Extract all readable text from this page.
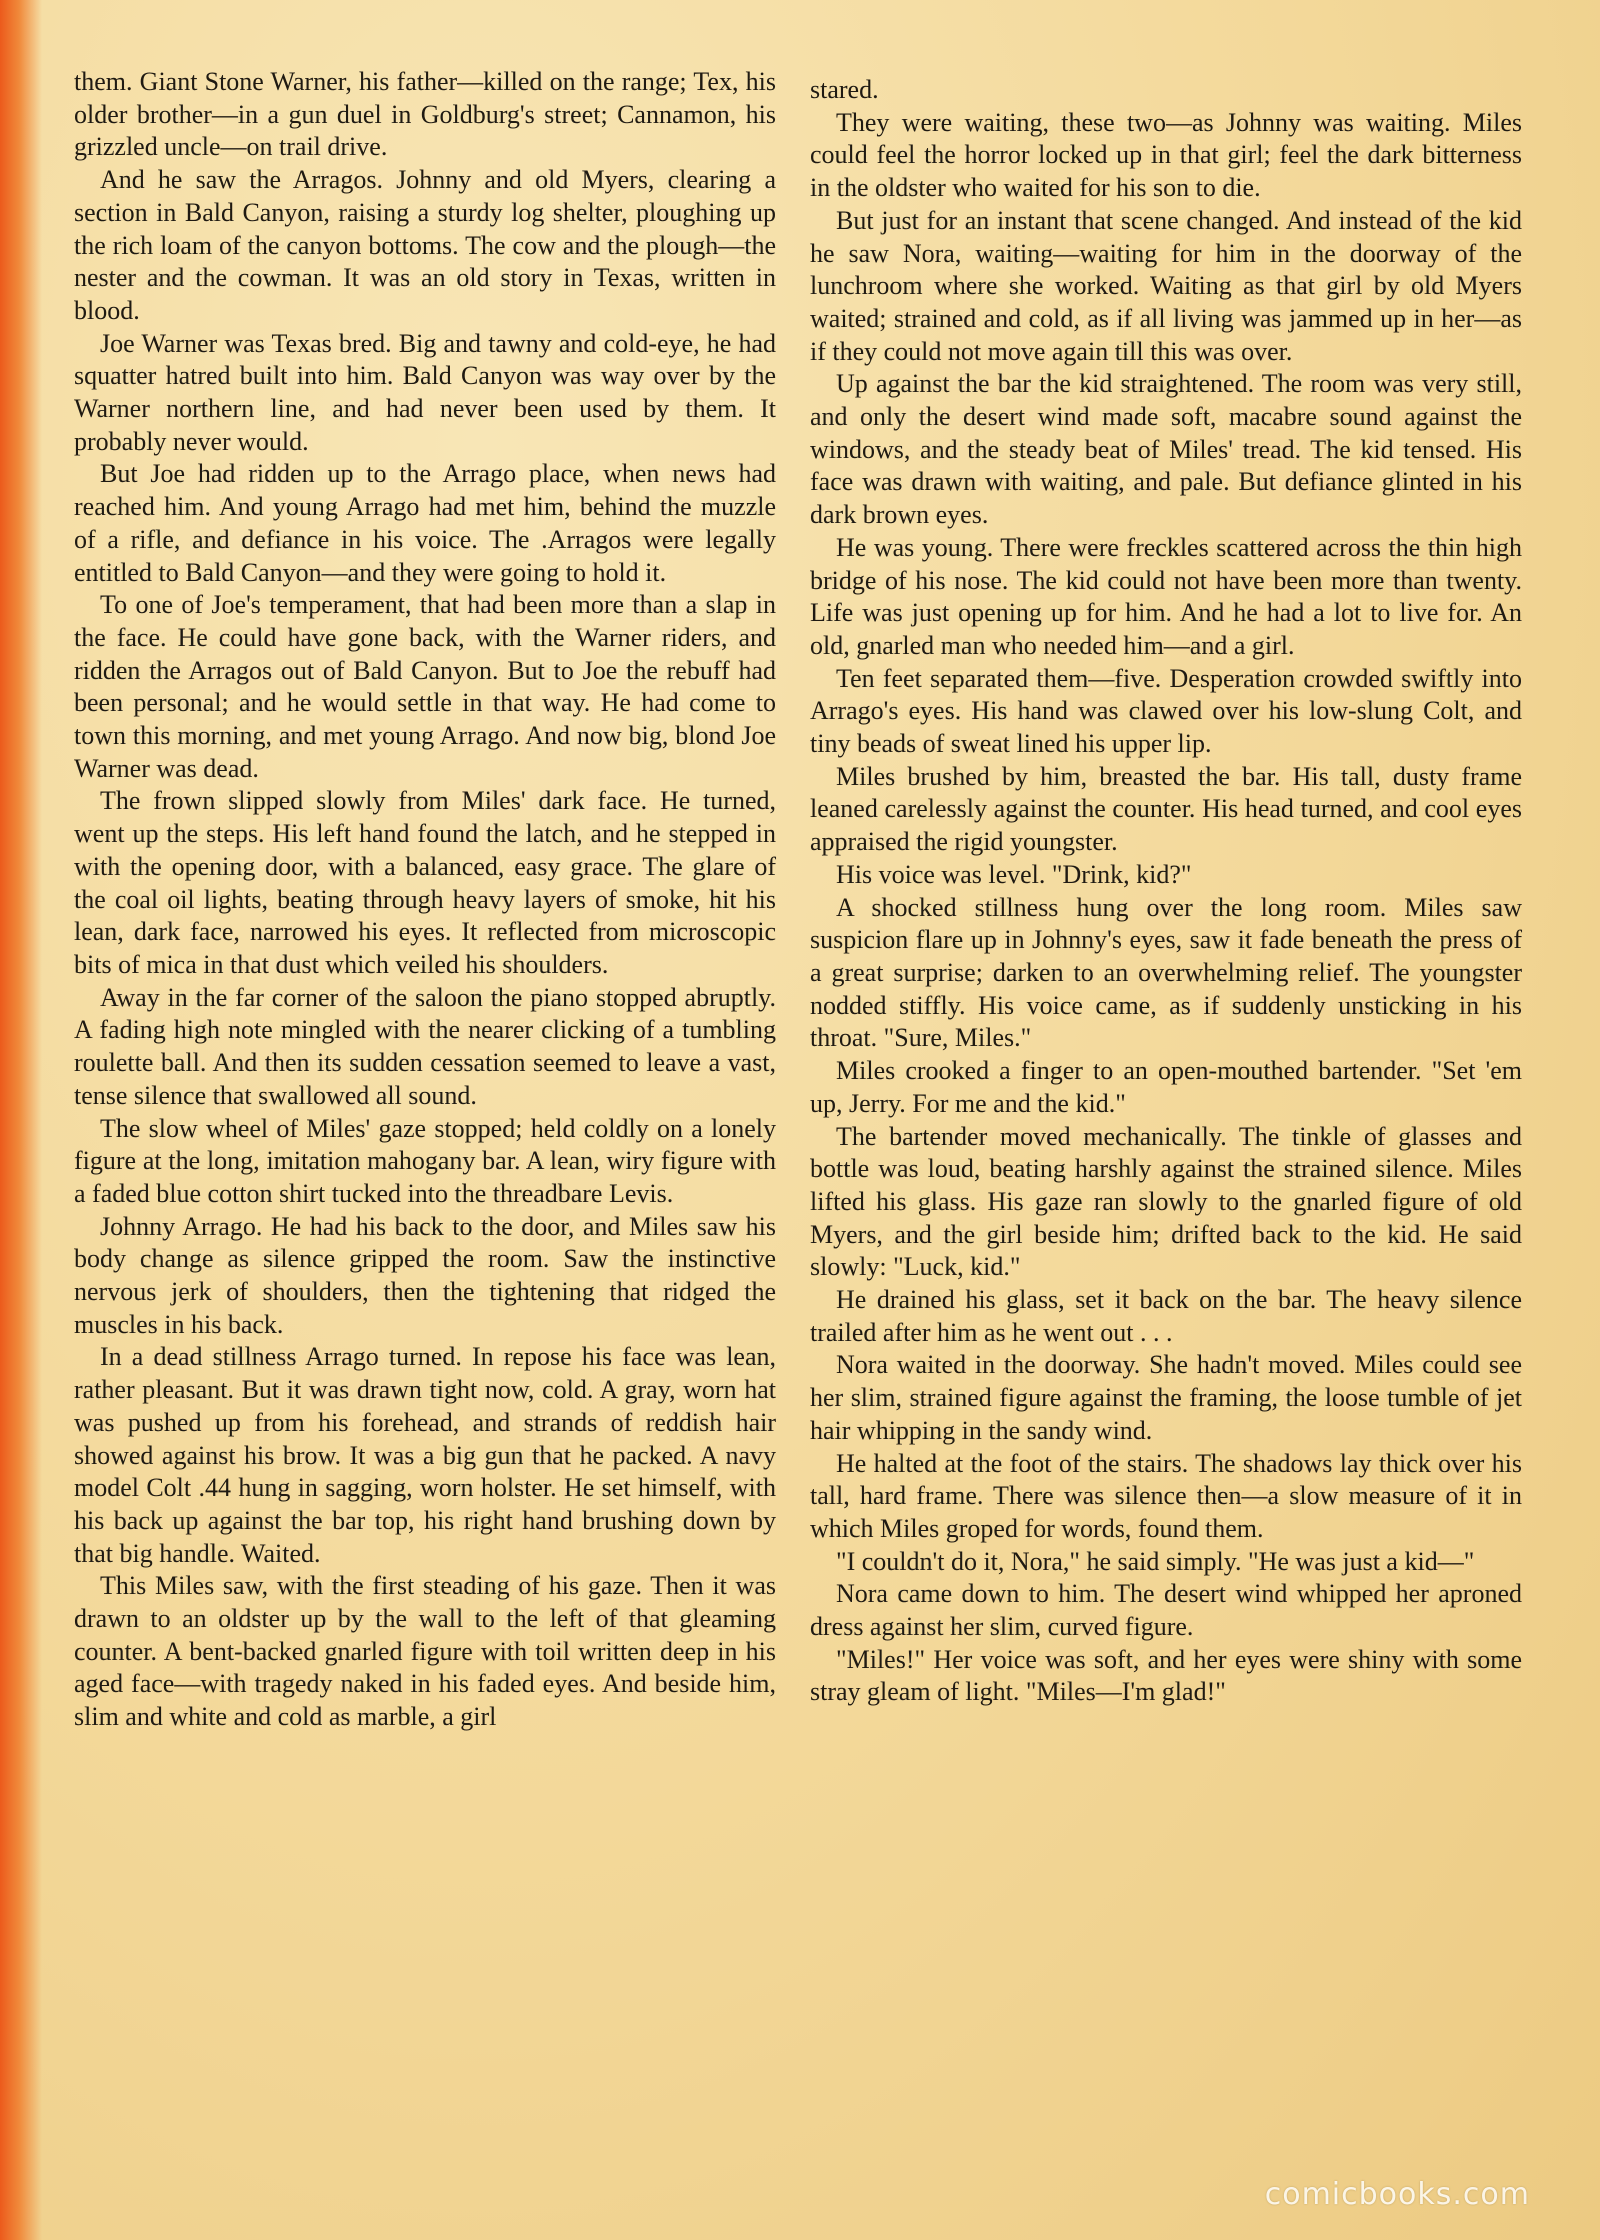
them. Giant Stone Warner, his father—killed on the range; Tex, his older brother—in a gun duel in Goldburg's street; Cannamon, his grizzled uncle—on trail drive.

And he saw the Arragos. Johnny and old Myers, clearing a section in Bald Canyon, raising a sturdy log shelter, ploughing up the rich loam of the canyon bottoms. The cow and the plough—the nester and the cowman. It was an old story in Texas, written in blood.

Joe Warner was Texas bred. Big and tawny and cold-eye, he had squatter hatred built into him. Bald Canyon was way over by the Warner northern line, and had never been used by them. It probably never would.

But Joe had ridden up to the Arrago place, when news had reached him. And young Arrago had met him, behind the muzzle of a rifle, and defiance in his voice. The .Arragos were legally entitled to Bald Canyon—and they were going to hold it.

To one of Joe's temperament, that had been more than a slap in the face. He could have gone back, with the Warner riders, and ridden the Arragos out of Bald Canyon. But to Joe the rebuff had been personal; and he would settle in that way. He had come to town this morning, and met young Arrago. And now big, blond Joe Warner was dead.

The frown slipped slowly from Miles' dark face. He turned, went up the steps. His left hand found the latch, and he stepped in with the opening door, with a balanced, easy grace. The glare of the coal oil lights, beating through heavy layers of smoke, hit his lean, dark face, narrowed his eyes. It reflected from microscopic bits of mica in that dust which veiled his shoulders.

Away in the far corner of the saloon the piano stopped abruptly. A fading high note mingled with the nearer clicking of a tumbling roulette ball. And then its sudden cessation seemed to leave a vast, tense silence that swallowed all sound.

The slow wheel of Miles' gaze stopped; held coldly on a lonely figure at the long, imitation mahogany bar. A lean, wiry figure with a faded blue cotton shirt tucked into the threadbare Levis.

Johnny Arrago. He had his back to the door, and Miles saw his body change as silence gripped the room. Saw the instinctive nervous jerk of shoulders, then the tightening that ridged the muscles in his back.

In a dead stillness Arrago turned. In repose his face was lean, rather pleasant. But it was drawn tight now, cold. A gray, worn hat was pushed up from his forehead, and strands of reddish hair showed against his brow. It was a big gun that he packed. A navy model Colt .44 hung in sagging, worn holster. He set himself, with his back up against the bar top, his right hand brushing down by that big handle. Waited.

This Miles saw, with the first steading of his gaze. Then it was drawn to an oldster up by the wall to the left of that gleaming counter. A bent-backed gnarled figure with toil written deep in his aged face—with tragedy naked in his faded eyes. And beside him, slim and white and cold as marble, a girl

stared.

They were waiting, these two—as Johnny was waiting. Miles could feel the horror locked up in that girl; feel the dark bitterness in the oldster who waited for his son to die.

But just for an instant that scene changed. And instead of the kid he saw Nora, waiting—waiting for him in the doorway of the lunchroom where she worked. Waiting as that girl by old Myers waited; strained and cold, as if all living was jammed up in her—as if they could not move again till this was over.

Up against the bar the kid straightened. The room was very still, and only the desert wind made soft, macabre sound against the windows, and the steady beat of Miles' tread. The kid tensed. His face was drawn with waiting, and pale. But defiance glinted in his dark brown eyes.

He was young. There were freckles scattered across the thin high bridge of his nose. The kid could not have been more than twenty. Life was just opening up for him. And he had a lot to live for. An old, gnarled man who needed him—and a girl.

Ten feet separated them—five. Desperation crowded swiftly into Arrago's eyes. His hand was clawed over his low-slung Colt, and tiny beads of sweat lined his upper lip.

Miles brushed by him, breasted the bar. His tall, dusty frame leaned carelessly against the counter. His head turned, and cool eyes appraised the rigid youngster.

His voice was level. "Drink, kid?"

A shocked stillness hung over the long room. Miles saw suspicion flare up in Johnny's eyes, saw it fade beneath the press of a great surprise; darken to an overwhelming relief. The youngster nodded stiffly. His voice came, as if suddenly unsticking in his throat. "Sure, Miles."

Miles crooked a finger to an open-mouthed bartender. "Set 'em up, Jerry. For me and the kid."

The bartender moved mechanically. The tinkle of glasses and bottle was loud, beating harshly against the strained silence. Miles lifted his glass. His gaze ran slowly to the gnarled figure of old Myers, and the girl beside him; drifted back to the kid. He said slowly: "Luck, kid."

He drained his glass, set it back on the bar. The heavy silence trailed after him as he went out . . .

Nora waited in the doorway. She hadn't moved. Miles could see her slim, strained figure against the framing, the loose tumble of jet hair whipping in the sandy wind.

He halted at the foot of the stairs. The shadows lay thick over his tall, hard frame. There was silence then—a slow measure of it in which Miles groped for words, found them.

"I couldn't do it, Nora," he said simply. "He was just a kid—"

Nora came down to him. The desert wind whipped her aproned dress against her slim, curved figure.

"Miles!" Her voice was soft, and her eyes were shiny with some stray gleam of light. "Miles—I'm glad!"

comicbooks.com
